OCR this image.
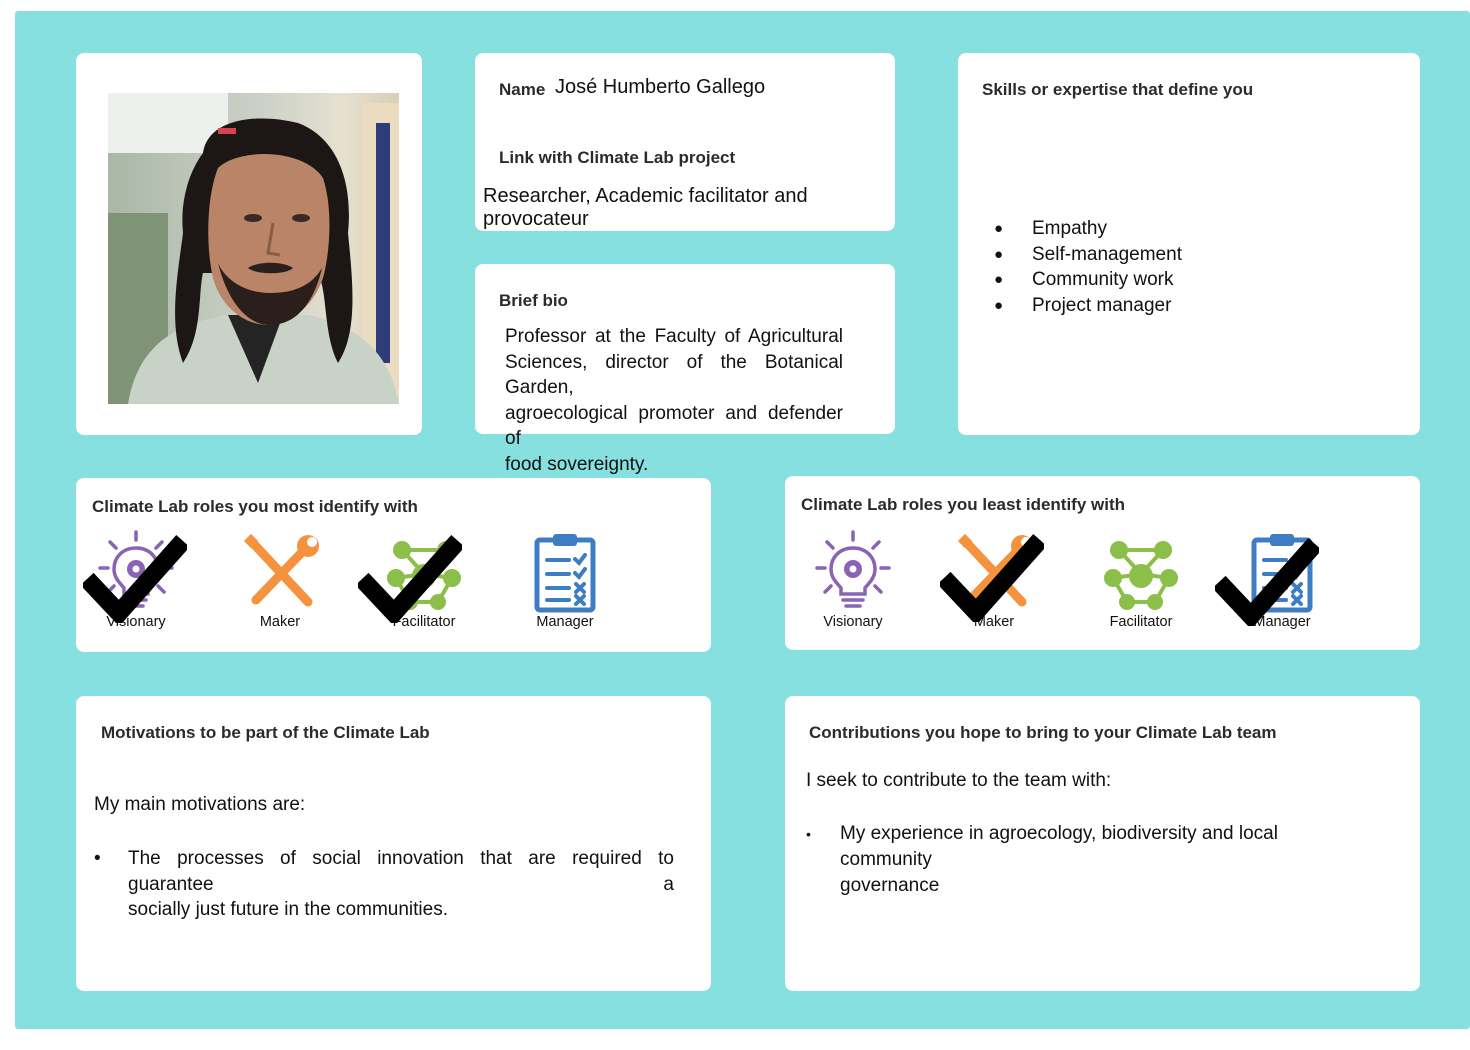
Name José Humberto Gallego
Link with Climate Lab project
Researcher, Academic facilitator and provocateur
Brief bio
Professor at the Faculty of Agricultural
Sciences, director of the Botanical Garden,
agroecological promoter and defender of
food sovereignty.
Skills or expertise that define you
● Empathy
● Self-management
● Community work
● Project manager
Climate Lab roles you most identify with
Visionary	Maker	Facilitator	Manager
Climate Lab roles you least identify with
Visionary	Maker	Facilitator	Manager
Motivations to be part of the Climate Lab
My main motivations are:
• The processes of social innovation that are required to guarantee a
socially just future in the communities.
Contributions you hope to bring to your Climate Lab team
I seek to contribute to the team with:
• My experience in agroecology, biodiversity and local community
governance
